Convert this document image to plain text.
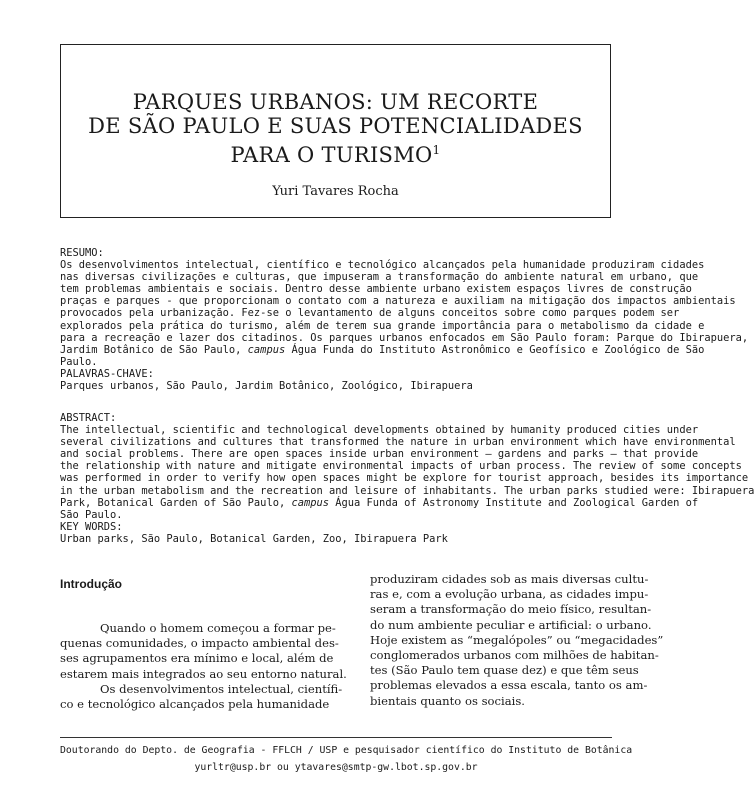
PARQUES URBANOS: UM RECORTE
DE SÃO PAULO E SUAS POTENCIALIDADES
PARA O TURISMO$^1$
Yuri Tavares Rocha

RESUMO:

Os desenvolvimentos intelectual, científico e tecnológico alcançados pela humanidade produziram cidades

nas diversas civilizações e culturas, que impuseram a transformação do ambiente natural em urbano, que

tem problemas ambientais e sociais. Dentro desse ambiente urbano existem espaços livres de construção

praças e parques - que proporcionam o contato com a natureza e auxiliam na mitigação dos impactos ambientais

provocados pela urbanização. Fez-se o levantamento de alguns conceitos sobre como parques podem ser

explorados pela prática do turismo, além de terem sua grande importância para o metabolismo da cidade e

para a recreação e lazer dos citadinos. Os parques urbanos enfocados em São Paulo foram: Parque do Ibirapuera,

Jardim Botânico de São Paulo, campus Água Funda do Instituto Astronômico e Geofísico e Zoológico de São

Paulo.

PALAVRAS-CHAVE:

Parques urbanos, São Paulo, Jardim Botânico, Zoológico, Ibirapuera

ABSTRACT:

The intellectual, scientific and technological developments obtained by humanity produced cities under

several civilizations and cultures that transformed the nature in urban environment which have environmental

and social problems. There are open spaces inside urban environment – gardens and parks – that provide

the relationship with nature and mitigate environmental impacts of urban process. The review of some concepts

was performed in order to verify how open spaces might be explore for tourist approach, besides its importance

in the urban metabolism and the recreation and leisure of inhabitants. The urban parks studied were: Ibirapuera

Park, Botanical Garden of São Paulo, campus Água Funda of Astronomy Institute and Zoological Garden of

São Paulo.

KEY WORDS:

Urban parks, São Paulo, Botanical Garden, Zoo, Ibirapuera Park

Introdução

Quando o homem começou a formar pe-

quenas comunidades, o impacto ambiental des-

ses agrupamentos era mínimo e local, além de

estarem mais integrados ao seu entorno natural.

Os desenvolvimentos intelectual, científi-

co e tecnológico alcançados pela humanidade

produziram cidades sob as mais diversas cultu-

ras e, com a evolução urbana, as cidades impu-

seram a transformação do meio físico, resultan-

do num ambiente peculiar e artificial: o urbano.

Hoje existem as “megalópoles” ou “megacidades”

conglomerados urbanos com milhões de habitan-

tes (São Paulo tem quase dez) e que têm seus

problemas elevados a essa escala, tanto os am-

bientais quanto os sociais.

Doutorando do Depto. de Geografia - FFLCH / USP e pesquisador científico do Instituto de Botânica

yurltr@usp.br ou ytavares@smtp-gw.lbot.sp.gov.br
